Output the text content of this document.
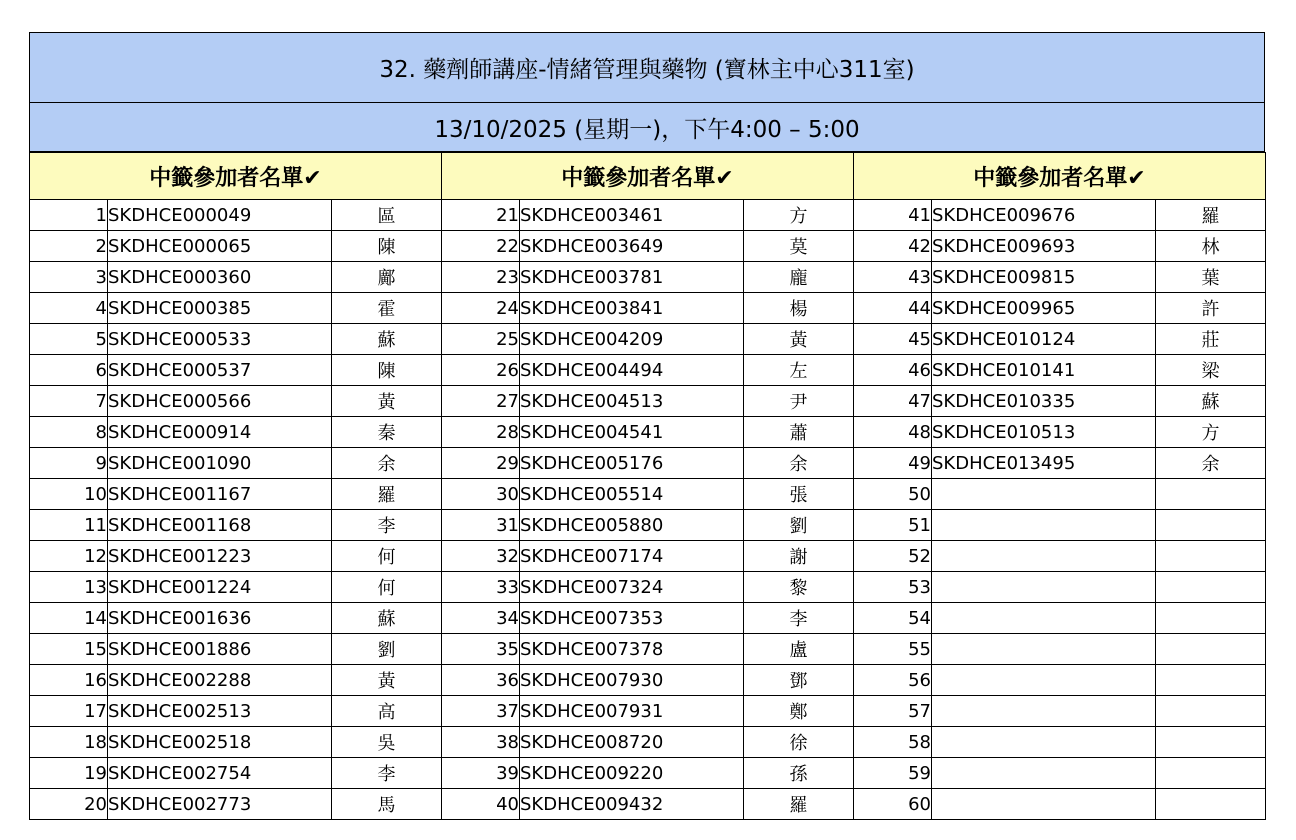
32. 藥劑師講座-情緒管理與藥物 (寶林主中心311室)
13/10/2025 (星期一)，下午4:00 – 5:00
中籤參加者名單✔			中籤參加者名單✔			中籤參加者名單✔		
1	SKDHCE000049	區	21	SKDHCE003461	方	41	SKDHCE009676	羅
2	SKDHCE000065	陳	22	SKDHCE003649	莫	42	SKDHCE009693	林
3	SKDHCE000360	鄺	23	SKDHCE003781	龐	43	SKDHCE009815	葉
4	SKDHCE000385	霍	24	SKDHCE003841	楊	44	SKDHCE009965	許
5	SKDHCE000533	蘇	25	SKDHCE004209	黃	45	SKDHCE010124	莊
6	SKDHCE000537	陳	26	SKDHCE004494	左	46	SKDHCE010141	梁
7	SKDHCE000566	黃	27	SKDHCE004513	尹	47	SKDHCE010335	蘇
8	SKDHCE000914	秦	28	SKDHCE004541	蕭	48	SKDHCE010513	方
9	SKDHCE001090	余	29	SKDHCE005176	余	49	SKDHCE013495	余
10	SKDHCE001167	羅	30	SKDHCE005514	張	50		
11	SKDHCE001168	李	31	SKDHCE005880	劉	51		
12	SKDHCE001223	何	32	SKDHCE007174	謝	52		
13	SKDHCE001224	何	33	SKDHCE007324	黎	53		
14	SKDHCE001636	蘇	34	SKDHCE007353	李	54		
15	SKDHCE001886	劉	35	SKDHCE007378	盧	55		
16	SKDHCE002288	黃	36	SKDHCE007930	鄧	56		
17	SKDHCE002513	高	37	SKDHCE007931	鄭	57		
18	SKDHCE002518	吳	38	SKDHCE008720	徐	58		
19	SKDHCE002754	李	39	SKDHCE009220	孫	59		
20	SKDHCE002773	馬	40	SKDHCE009432	羅	60		
